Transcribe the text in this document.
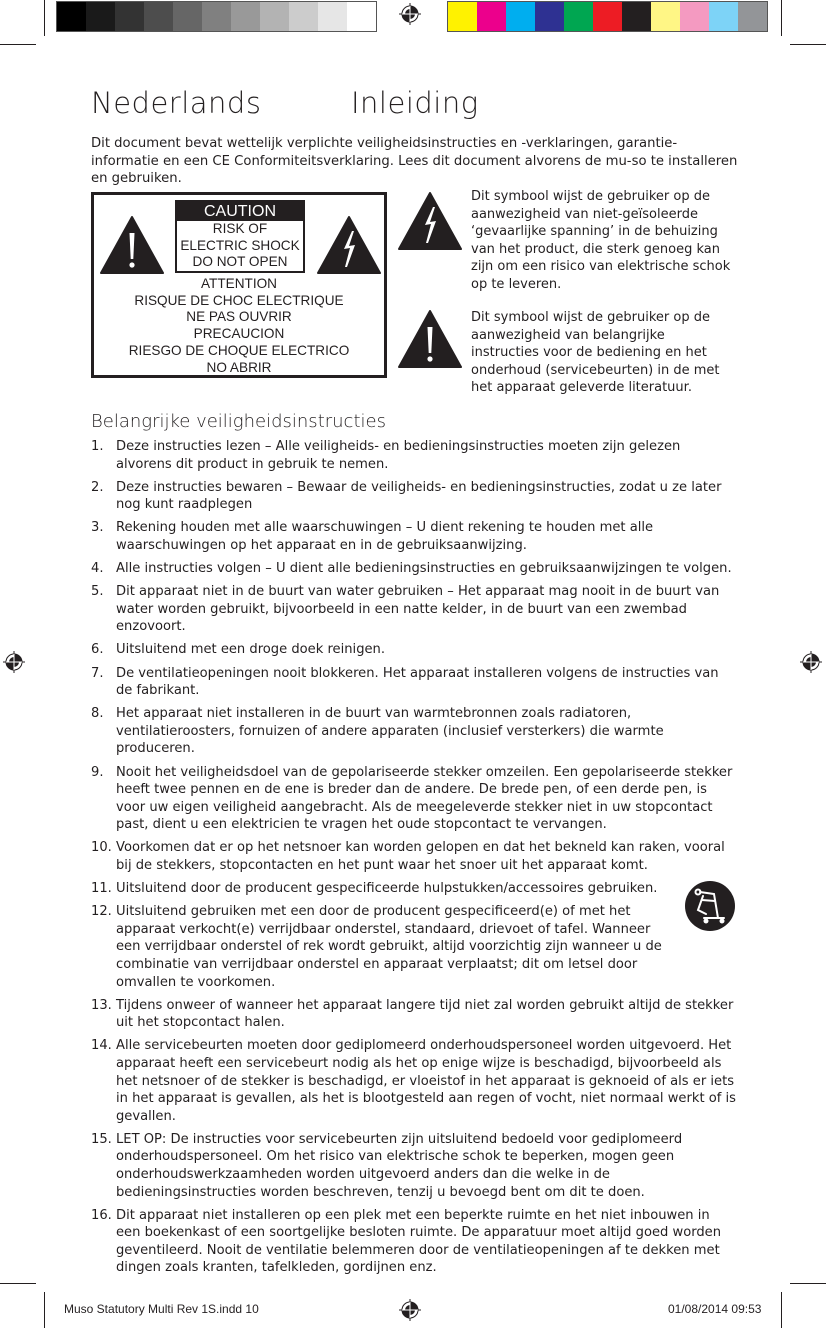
Nederlands	Inleiding
Dit document bevat wettelijk verplichte veiligheidsinstructies en -verklaringen, garantie-informatie en een CE Conformiteitsverklaring. Lees dit document alvorens de mu-so te installeren en gebruiken.
CAUTION
RISK OF
ELECTRIC SHOCK
DO NOT OPEN
ATTENTION
RISQUE DE CHOC ELECTRIQUE
NE PAS OUVRIR
PRECAUCION
RIESGO DE CHOQUE ELECTRICO
NO ABRIR
Dit symbool wijst de gebruiker op de aanwezigheid van niet-geïsoleerde ‘gevaarlijke spanning’ in de behuizing van het product, die sterk genoeg kan zijn om een risico van elektrische schok op te leveren.
Dit symbool wijst de gebruiker op de aanwezigheid van belangrijke instructies voor de bediening en het onderhoud (servicebeurten) in de met het apparaat geleverde literatuur.
Belangrijke veiligheidsinstructies
1. Deze instructies lezen – Alle veiligheids- en bedieningsinstructies moeten zijn gelezen alvorens dit product in gebruik te nemen.
2. Deze instructies bewaren – Bewaar de veiligheids- en bedieningsinstructies, zodat u ze later nog kunt raadplegen
3. Rekening houden met alle waarschuwingen – U dient rekening te houden met alle waarschuwingen op het apparaat en in de gebruiksaanwijzing.
4. Alle instructies volgen – U dient alle bedieningsinstructies en gebruiksaanwijzingen te volgen.
5. Dit apparaat niet in de buurt van water gebruiken – Het apparaat mag nooit in de buurt van water worden gebruikt, bijvoorbeeld in een natte kelder, in de buurt van een zwembad enzovoort.
6. Uitsluitend met een droge doek reinigen.
7. De ventilatieopeningen nooit blokkeren. Het apparaat installeren volgens de instructies van de fabrikant.
8. Het apparaat niet installeren in de buurt van warmtebronnen zoals radiatoren, ventilatieroosters, fornuizen of andere apparaten (inclusief versterkers) die warmte produceren.
9. Nooit het veiligheidsdoel van de gepolariseerde stekker omzeilen. Een gepolariseerde stekker heeft twee pennen en de ene is breder dan de andere. De brede pen, of een derde pen, is voor uw eigen veiligheid aangebracht. Als de meegeleverde stekker niet in uw stopcontact past, dient u een elektricien te vragen het oude stopcontact te vervangen.
10. Voorkomen dat er op het netsnoer kan worden gelopen en dat het bekneld kan raken, vooral bij de stekkers, stopcontacten en het punt waar het snoer uit het apparaat komt.
11. Uitsluitend door de producent gespecificeerde hulpstukken/accessoires gebruiken.
12. Uitsluitend gebruiken met een door de producent gespecificeerd(e) of met het apparaat verkocht(e) verrijdbaar onderstel, standaard, drievoet of tafel. Wanneer een verrijdbaar onderstel of rek wordt gebruikt, altijd voorzichtig zijn wanneer u de combinatie van verrijdbaar onderstel en apparaat verplaatst; dit om letsel door omvallen te voorkomen.
13. Tijdens onweer of wanneer het apparaat langere tijd niet zal worden gebruikt altijd de stekker uit het stopcontact halen.
14. Alle servicebeurten moeten door gediplomeerd onderhoudspersoneel worden uitgevoerd. Het apparaat heeft een servicebeurt nodig als het op enige wijze is beschadigd, bijvoorbeeld als het netsnoer of de stekker is beschadigd, er vloeistof in het apparaat is geknoeid of als er iets in het apparaat is gevallen, als het is blootgesteld aan regen of vocht, niet normaal werkt of is gevallen.
15. LET OP: De instructies voor servicebeurten zijn uitsluitend bedoeld voor gediplomeerd onderhoudspersoneel. Om het risico van elektrische schok te beperken, mogen geen onderhoudswerkzaamheden worden uitgevoerd anders dan die welke in de bedieningsinstructies worden beschreven, tenzij u bevoegd bent om dit te doen.
16. Dit apparaat niet installeren op een plek met een beperkte ruimte en het niet inbouwen in een boekenkast of een soortgelijke besloten ruimte. De apparatuur moet altijd goed worden geventileerd. Nooit de ventilatie belemmeren door de ventilatieopeningen af te dekken met dingen zoals kranten, tafelkleden, gordijnen enz.
Muso Statutory Multi Rev 1S.indd 10	01/08/2014 09:53
